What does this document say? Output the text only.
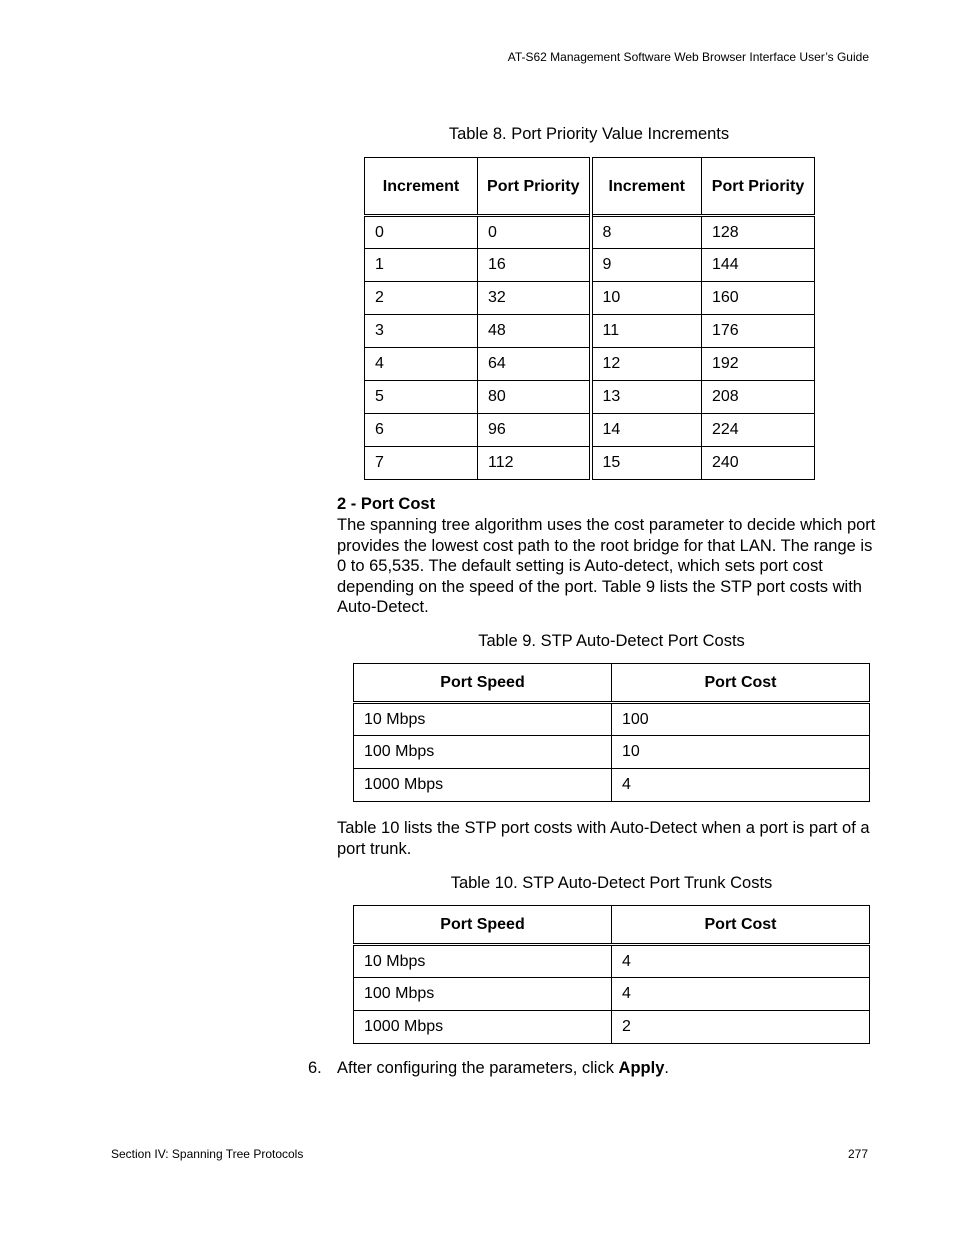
AT-S62 Management Software Web Browser Interface User’s Guide
Table 8. Port Priority Value Increments
Increment	Port Priority	Increment	Port Priority
0	0	8	128
1	16	9	144
2	32	10	160
3	48	11	176
4	64	12	192
5	80	13	208
6	96	14	224
7	112	15	240
2 - Port Cost
The spanning tree algorithm uses the cost parameter to decide which port provides the lowest cost path to the root bridge for that LAN. The range is 0 to 65,535. The default setting is Auto-detect, which sets port cost depending on the speed of the port. Table 9 lists the STP port costs with Auto-Detect.
Table 9. STP Auto-Detect Port Costs
Port Speed	Port Cost
10 Mbps	100
100 Mbps	10
1000 Mbps	4
Table 10 lists the STP port costs with Auto-Detect when a port is part of a port trunk.
Table 10. STP Auto-Detect Port Trunk Costs
Port Speed	Port Cost
10 Mbps	4
100 Mbps	4
1000 Mbps	2
6. After configuring the parameters, click Apply.
Section IV: Spanning Tree Protocols	277
